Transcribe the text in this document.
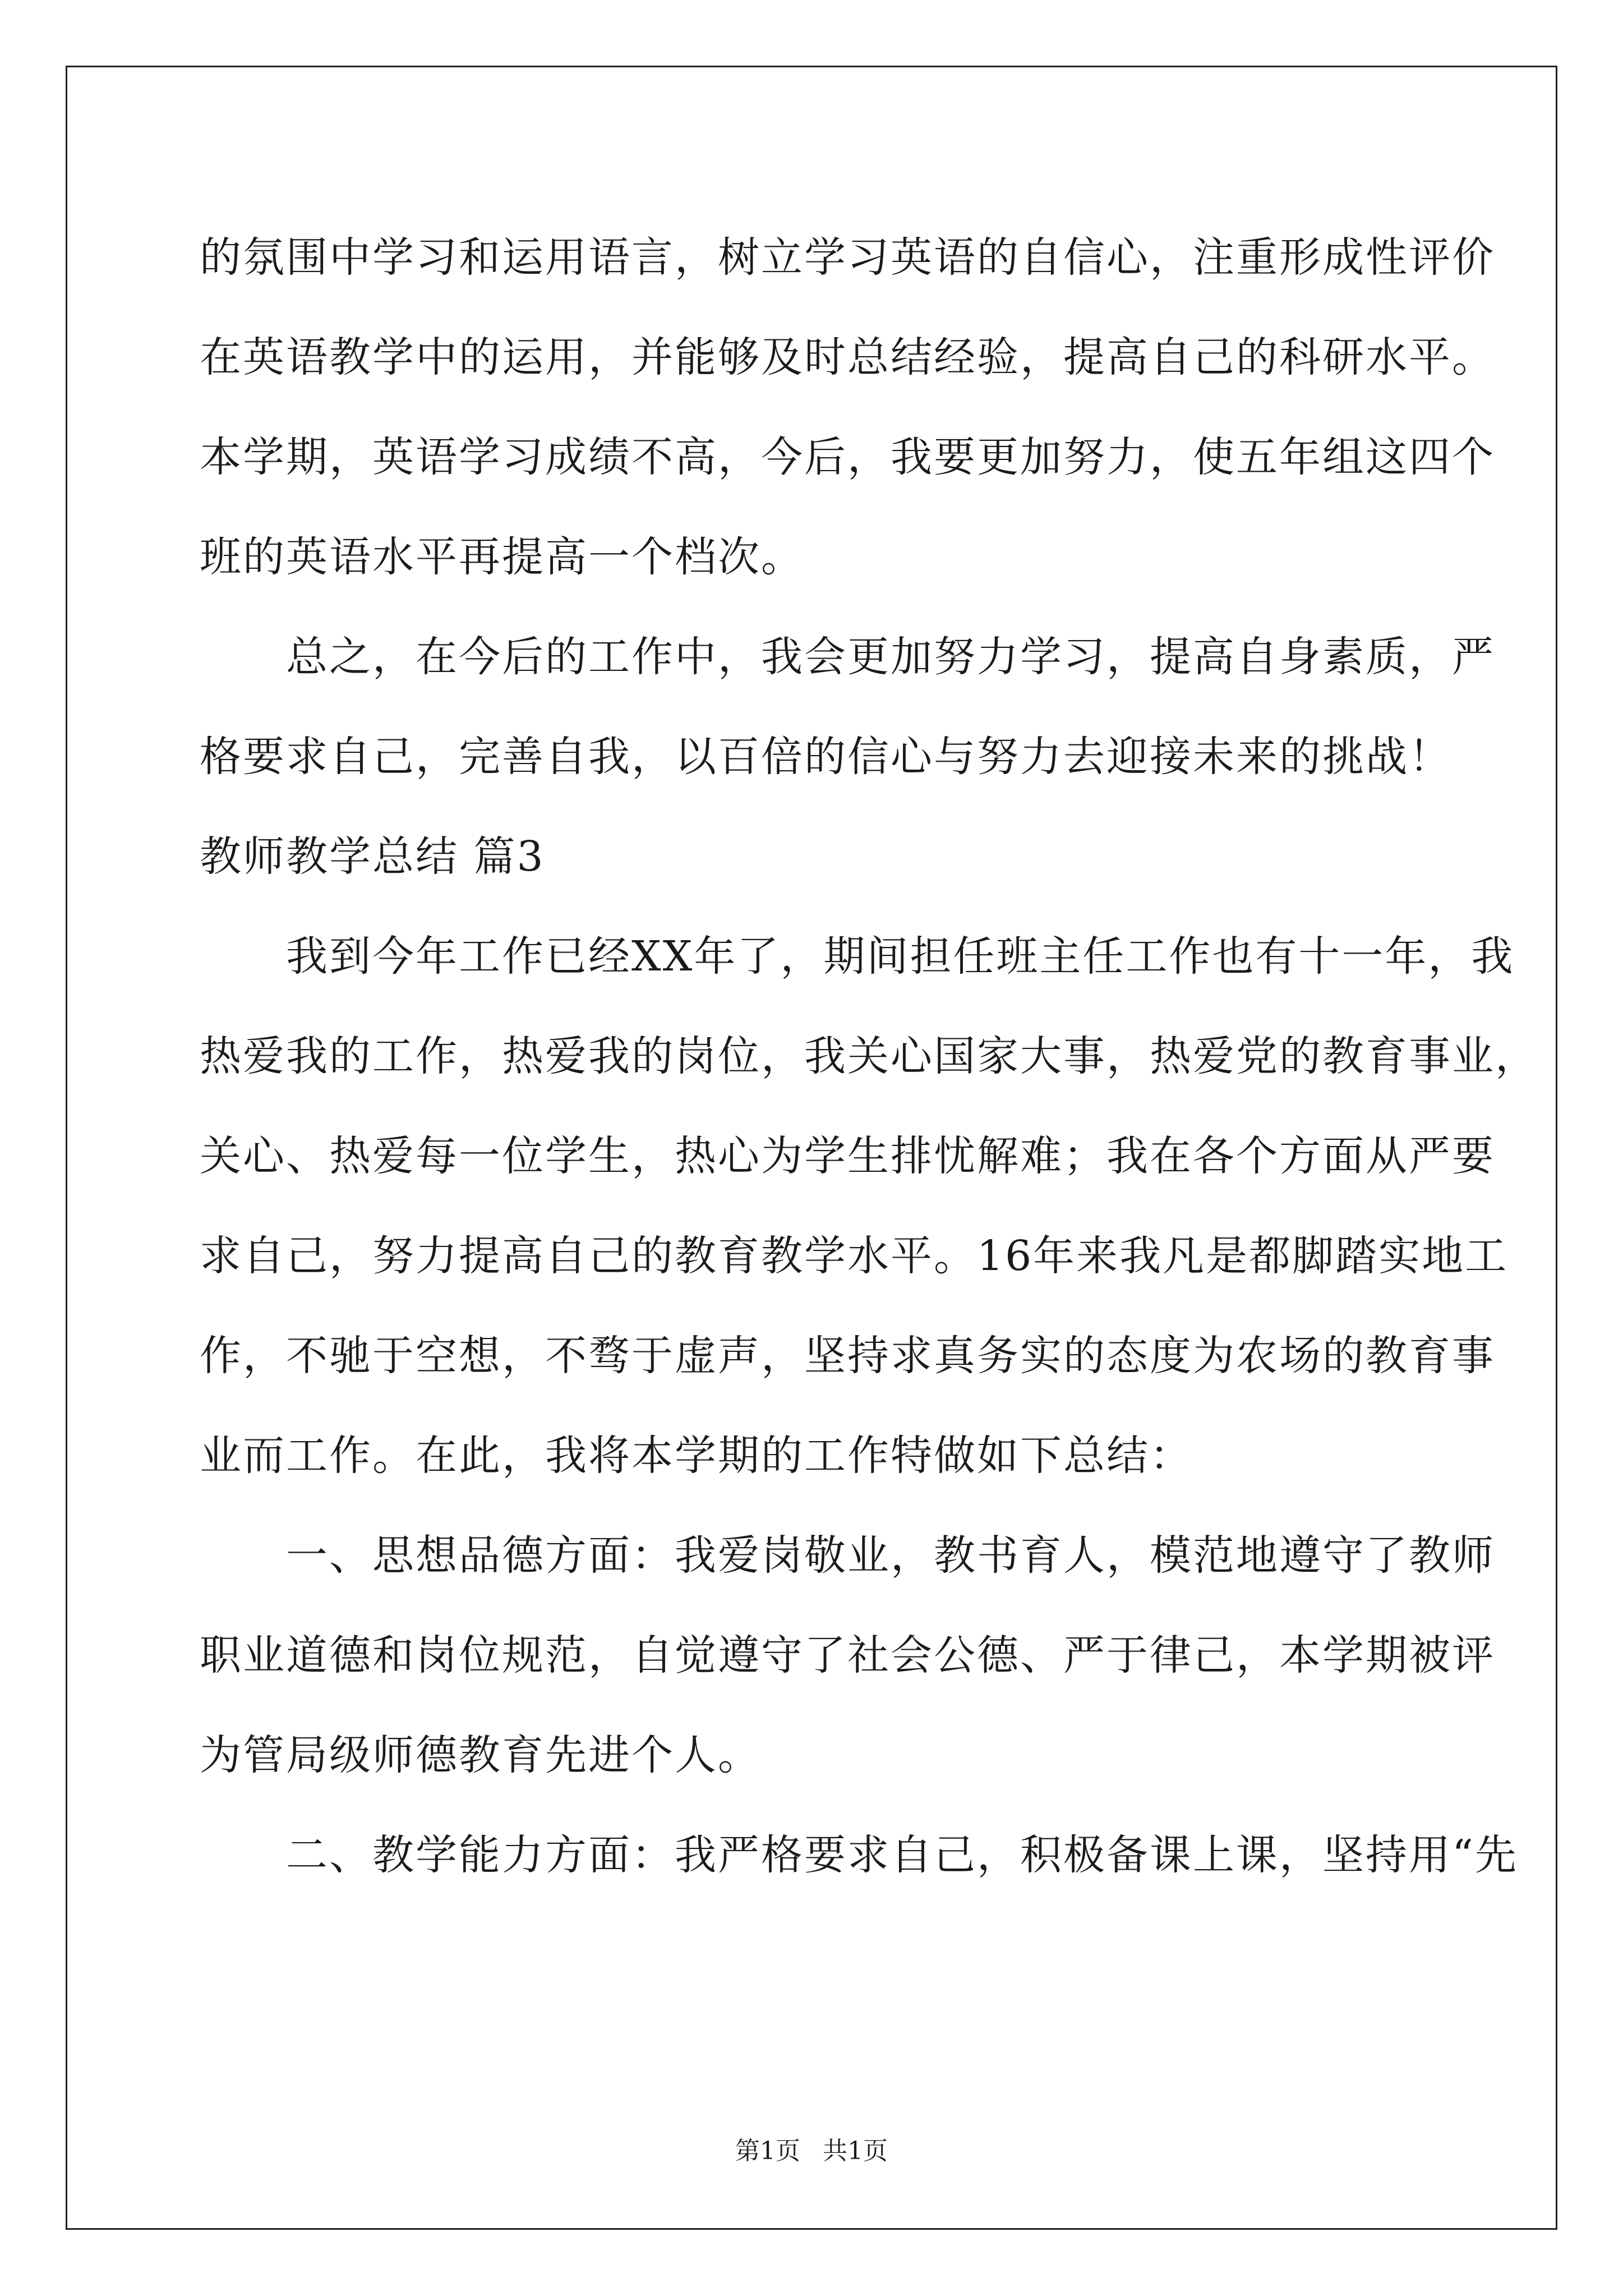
的氛围中学习和运用语言，树立学习英语的自信心，注重形成性评价
在英语教学中的运用，并能够及时总结经验，提高自己的科研水平。
本学期，英语学习成绩不高，今后，我要更加努力，使五年组这四个
班的英语水平再提高一个档次。
　　总之，在今后的工作中，我会更加努力学习，提高自身素质，严
格要求自己，完善自我，以百倍的信心与努力去迎接未来的挑战！
教师教学总结 篇3
　　我到今年工作已经XX年了，期间担任班主任工作也有十一年，我
热爱我的工作，热爱我的岗位，我关心国家大事，热爱党的教育事业，
关心、热爱每一位学生，热心为学生排忧解难；我在各个方面从严要
求自己，努力提高自己的教育教学水平。16年来我凡是都脚踏实地工
作，不驰于空想，不骛于虚声，坚持求真务实的态度为农场的教育事
业而工作。在此，我将本学期的工作特做如下总结：
　　一、思想品德方面：我爱岗敬业，教书育人，模范地遵守了教师
职业道德和岗位规范，自觉遵守了社会公德、严于律己，本学期被评
为管局级师德教育先进个人。
　　二、教学能力方面：我严格要求自己，积极备课上课，坚持用“先
第1页 共1页
